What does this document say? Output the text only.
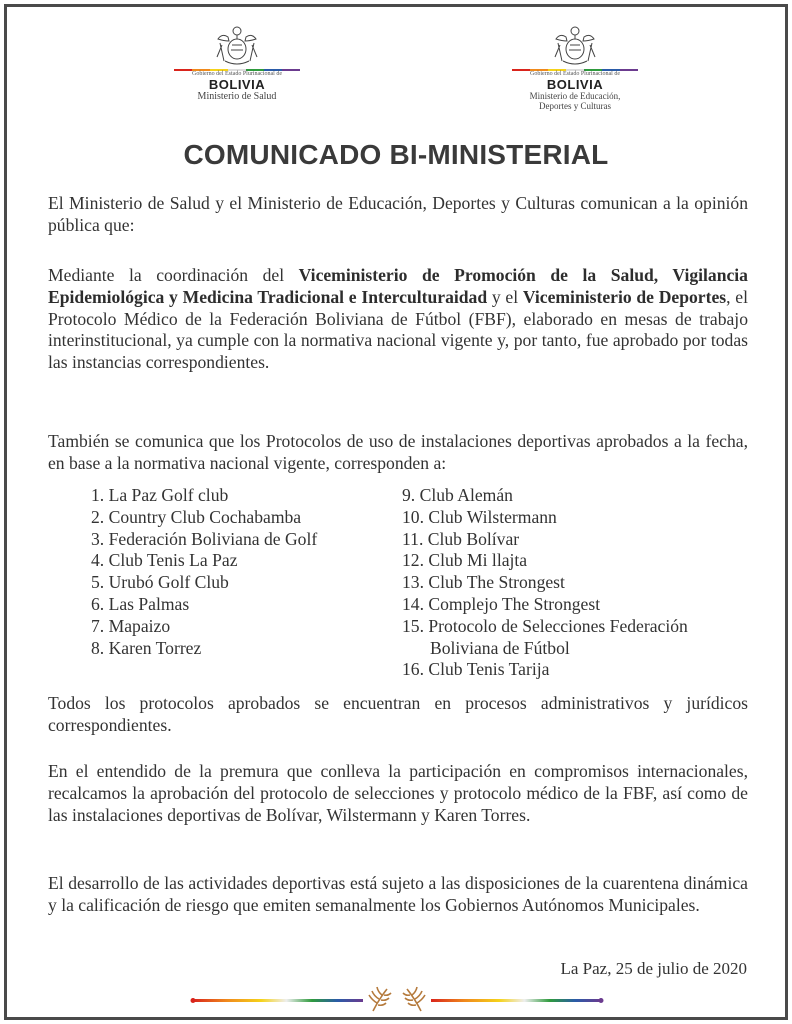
Gobierno del Estado Plurinacional de
BOLIVIA
Ministerio de Salud
Gobierno del Estado Plurinacional de
BOLIVIA
Ministerio de Educación,
Deportes y Culturas
COMUNICADO BI-MINISTERIAL

El Ministerio de Salud y el Ministerio de Educación, Deportes y Culturas comunican a la opinión pública que:

Mediante la coordinación del Viceministerio de Promoción de la Salud, Vigilancia Epidemiológica y Medicina Tradicional e Interculturaidad y el Viceministerio de Deportes, el Protocolo Médico de la Federación Boliviana de Fútbol (FBF), elaborado en mesas de trabajo interinstitucional, ya cumple con la normativa nacional vigente y, por tanto, fue aprobado por todas las instancias correspondientes.

También se comunica que los Protocolos de uso de instalaciones deportivas aprobados a la fecha, en base a la normativa nacional vigente, corresponden a:

1. La Paz Golf club
2. Country Club Cochabamba
3. Federación Boliviana de Golf
4. Club Tenis La Paz
5. Urubó Golf Club
6. Las Palmas
7. Mapaizo
8. Karen Torrez
9. Club Alemán
10. Club Wilstermann
11. Club Bolívar
12. Club Mi llajta
13. Club The Strongest
14. Complejo The Strongest
15. Protocolo de Selecciones Federación
Boliviana de Fútbol
16. Club Tenis Tarija

Todos los protocolos aprobados se encuentran en procesos administrativos y jurídicos correspondientes.

En el entendido de la premura que conlleva la participación en compromisos internacionales, recalcamos la aprobación del protocolo de selecciones y protocolo médico de la FBF, así como de las instalaciones deportivas de Bolívar, Wilstermann y Karen Torres.

El desarrollo de las actividades deportivas está sujeto a las disposiciones de la cuarentena dinámica y la calificación de riesgo que emiten semanalmente los Gobiernos Autónomos Municipales.

La Paz, 25 de julio de 2020
